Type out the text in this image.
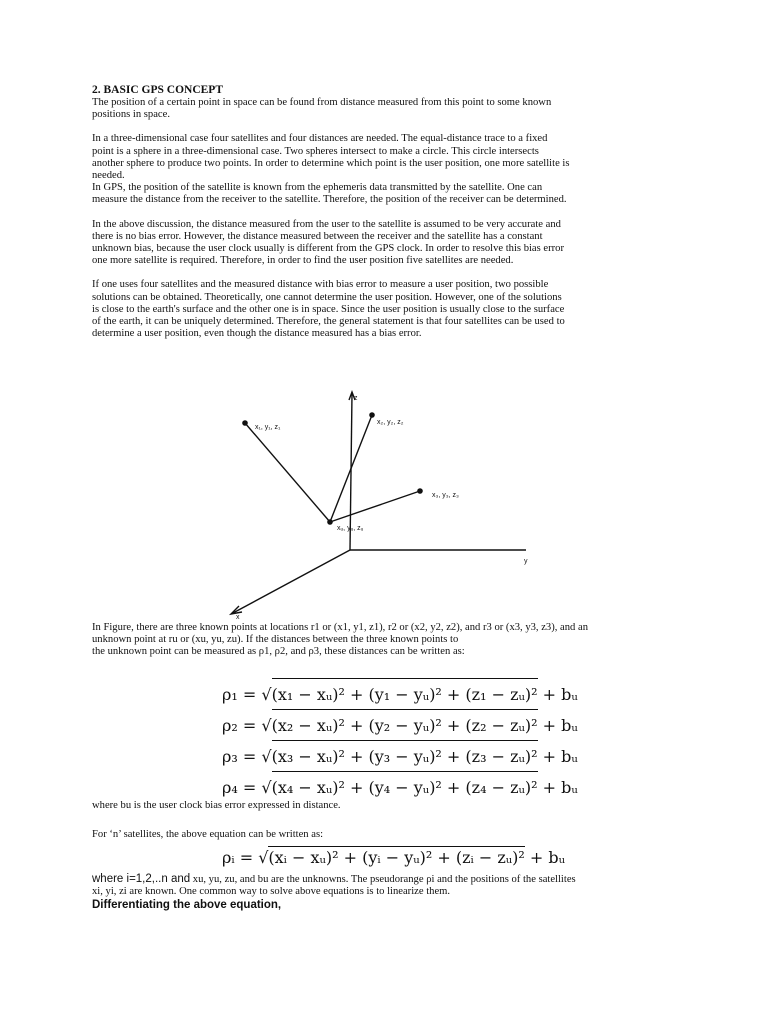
2. BASIC GPS CONCEPT
The position of a certain point in space can be found from distance measured from this point to some known
positions in space.
In a three-dimensional case four satellites and four distances are needed. The equal-distance trace to a fixed
point is a sphere in a three-dimensional case. Two spheres intersect to make a circle. This circle intersects
another sphere to produce two points. In order to determine which point is the user position, one more satellite is
needed.
In GPS, the position of the satellite is known from the ephemeris data transmitted by the satellite. One can
measure the distance from the receiver to the satellite. Therefore, the position of the receiver can be determined.
In the above discussion, the distance measured from the user to the satellite is assumed to be very accurate and
there is no bias error. However, the distance measured between the receiver and the satellite has a constant
unknown bias, because the user clock usually is different from the GPS clock. In order to resolve this bias error
one more satellite is required. Therefore, in order to find the user position five satellites are needed.
If one uses four satellites and the measured distance with bias error to measure a user position, two possible
solutions can be obtained. Theoretically, one cannot determine the user position. However, one of the solutions
is close to the earth's surface and the other one is in space. Since the user position is usually close to the surface
of the earth, it can be uniquely determined. Therefore, the general statement is that four satellites can be used to
determine a user position, even though the distance measured has a bias error.
z
y
x
x₁, y₁, z₁
x₂, y₂, z₂
x₃, y₃, z₃
xᵤ, yᵤ, zᵤ
In Figure, there are three known points at locations r1 or (x1, y1, z1), r2 or (x2, y2, z2), and r3 or (x3, y3, z3), and an
unknown point at ru or (xu, yu, zu). If the distances between the three known points to
the unknown point can be measured as ρ1, ρ2, and ρ3, these distances can be written as:
ρ₁ = √(x₁ − xᵤ)² + (y₁ − yᵤ)² + (z₁ − zᵤ)² + bᵤ
ρ₂ = √(x₂ − xᵤ)² + (y₂ − yᵤ)² + (z₂ − zᵤ)² + bᵤ
ρ₃ = √(x₃ − xᵤ)² + (y₃ − yᵤ)² + (z₃ − zᵤ)² + bᵤ
ρ₄ = √(x₄ − xᵤ)² + (y₄ − yᵤ)² + (z₄ − zᵤ)² + bᵤ
where bu is the user clock bias error expressed in distance.
For ‘n’ satellites, the above equation can be written as:
ρᵢ = √(xᵢ − xᵤ)² + (yᵢ − yᵤ)² + (zᵢ − zᵤ)² + bᵤ
where i=1,2,..n and xu, yu, zu, and bu are the unknowns. The pseudorange ρi and the positions of the satellites
xi, yi, zi are known. One common way to solve above equations is to linearize them.
Differentiating the above equation,
